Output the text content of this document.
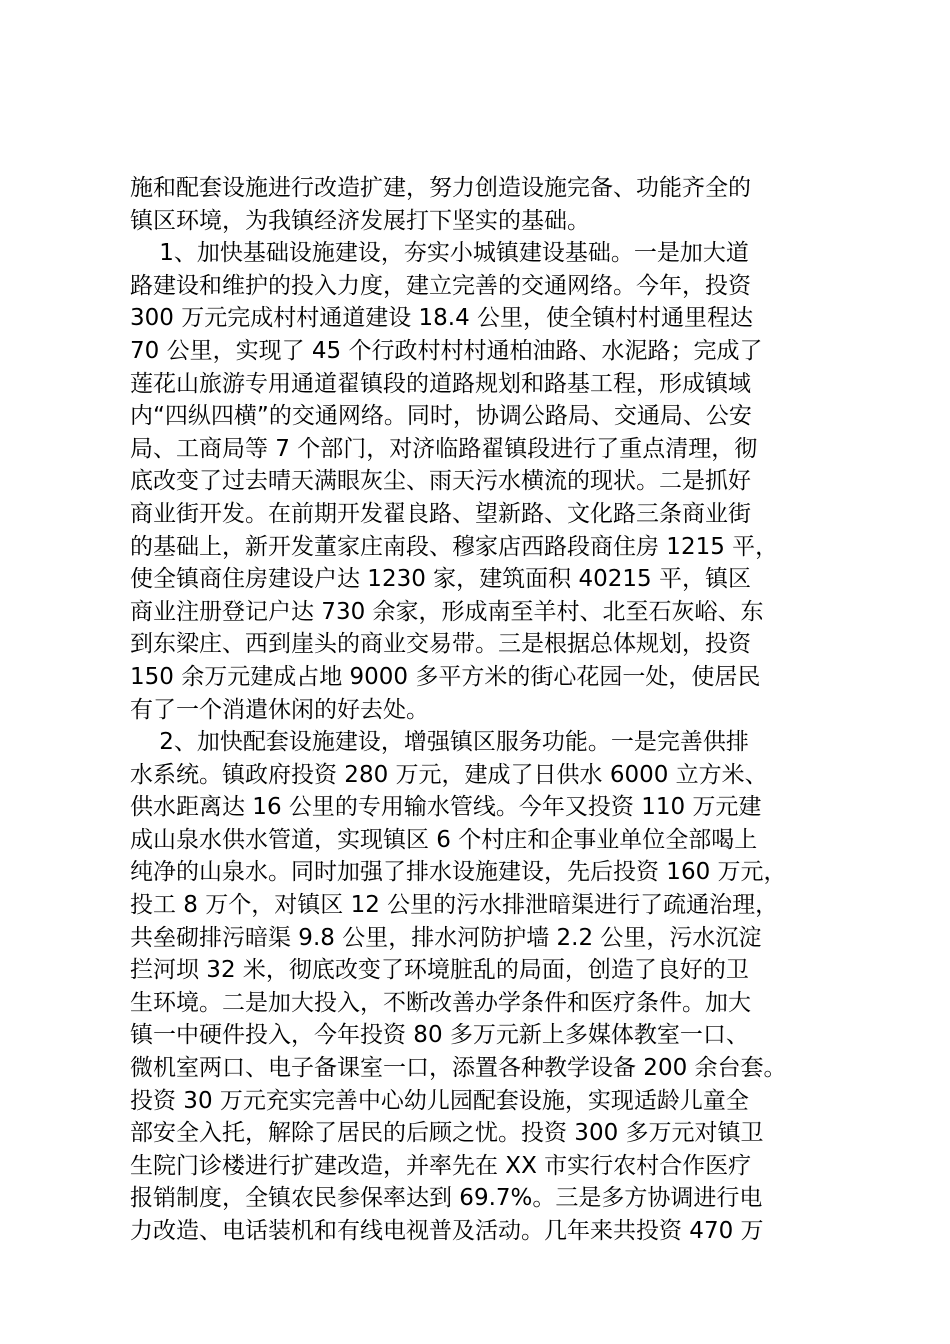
施和配套设施进行改造扩建，努力创造设施完备、功能齐全的
镇区环境，为我镇经济发展打下坚实的基础。
1、加快基础设施建设，夯实小城镇建设基础。一是加大道
路建设和维护的投入力度，建立完善的交通网络。今年，投资
300 万元完成村村通道建设 18.4 公里，使全镇村村通里程达
70 公里，实现了 45 个行政村村村通柏油路、水泥路；完成了
莲花山旅游专用通道翟镇段的道路规划和路基工程，形成镇域
内“四纵四横”的交通网络。同时，协调公路局、交通局、公安
局、工商局等 7 个部门，对济临路翟镇段进行了重点清理，彻
底改变了过去晴天满眼灰尘、雨天污水横流的现状。二是抓好
商业街开发。在前期开发翟良路、望新路、文化路三条商业街
的基础上，新开发董家庄南段、穆家店西路段商住房 1215 平，
使全镇商住房建设户达 1230 家，建筑面积 40215 平，镇区
商业注册登记户达 730 余家，形成南至羊村、北至石灰峪、东
到东梁庄、西到崖头的商业交易带。三是根据总体规划，投资
150 余万元建成占地 9000 多平方米的街心花园一处，使居民
有了一个消遣休闲的好去处。
2、加快配套设施建设，增强镇区服务功能。一是完善供排
水系统。镇政府投资 280 万元，建成了日供水 6000 立方米、
供水距离达 16 公里的专用输水管线。今年又投资 110 万元建
成山泉水供水管道，实现镇区 6 个村庄和企事业单位全部喝上
纯净的山泉水。同时加强了排水设施建设，先后投资 160 万元，
投工 8 万个，对镇区 12 公里的污水排泄暗渠进行了疏通治理，
共垒砌排污暗渠 9.8 公里，排水河防护墙 2.2 公里，污水沉淀
拦河坝 32 米，彻底改变了环境脏乱的局面，创造了良好的卫
生环境。二是加大投入，不断改善办学条件和医疗条件。加大
镇一中硬件投入，今年投资 80 多万元新上多媒体教室一口、
微机室两口、电子备课室一口，添置各种教学设备 200 余台套。
投资 30 万元充实完善中心幼儿园配套设施，实现适龄儿童全
部安全入托，解除了居民的后顾之忧。投资 300 多万元对镇卫
生院门诊楼进行扩建改造，并率先在 XX 市实行农村合作医疗
报销制度，全镇农民参保率达到 69.7%。三是多方协调进行电
力改造、电话装机和有线电视普及活动。几年来共投资 470 万
